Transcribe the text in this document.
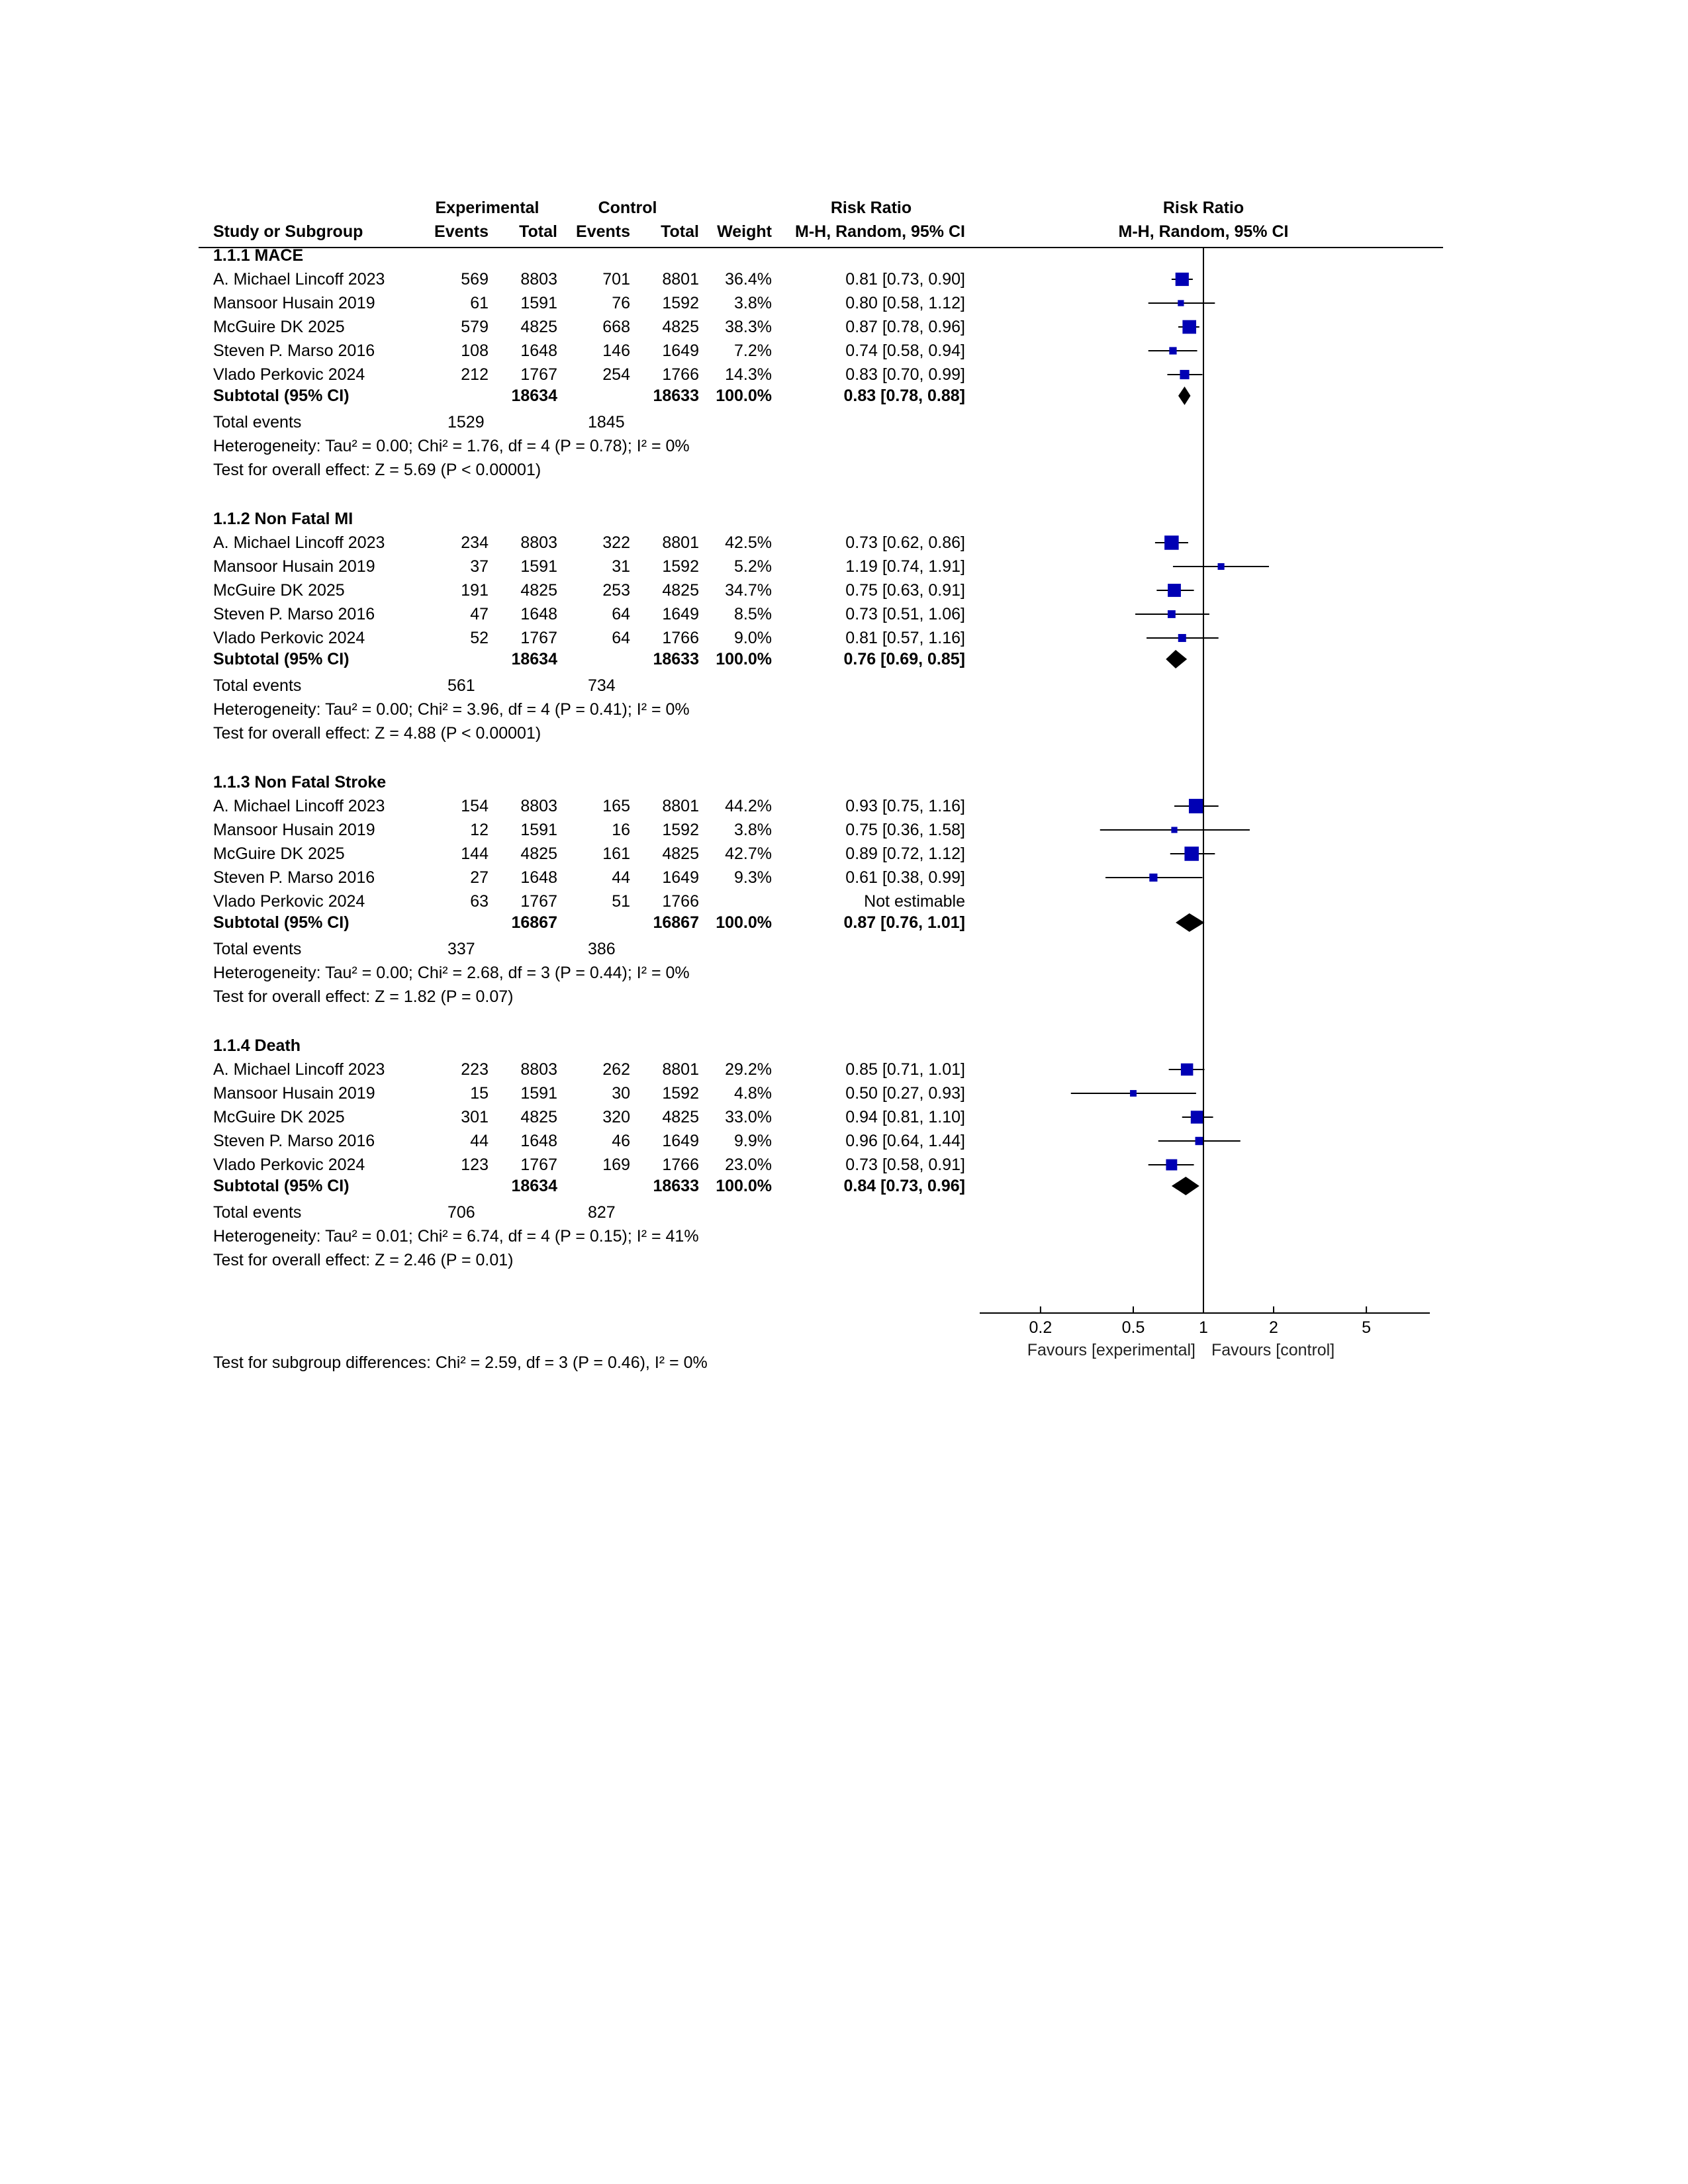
Experimental	Control	Risk Ratio	Risk Ratio
Study or Subgroup	Events Total Events Total Weight M-H, Random, 95% CI	M-H, Random, 95% CI
1.1.1 MACE
A. Michael Lincoff 2023	569 8803	701 8801 36.4%	0.81 [0.73, 0.90]
Mansoor Husain 2019	61 1591	76 1592 3.8%	0.80 [0.58, 1.12]
McGuire DK 2025	579 4825	668 4825 38.3%	0.87 [0.78, 0.96]
Steven P. Marso 2016	108 1648	146 1649 7.2%	0.74 [0.58, 0.94]
Vlado Perkovic 2024	212 1767	254 1766 14.3%	0.83 [0.70, 0.99]
Subtotal (95% CI)	18634	18633 100.0%	0.83 [0.78, 0.88]
Total events	1529	1845
Heterogeneity: Tau² = 0.00; Chi² = 1.76, df = 4 (P = 0.78); I² = 0%
Test for overall effect: Z = 5.69 (P < 0.00001)
1.1.2 Non Fatal MI
A. Michael Lincoff 2023	234 8803	322 8801 42.5%	0.73 [0.62, 0.86]
Mansoor Husain 2019	37 1591	31 1592 5.2%	1.19 [0.74, 1.91]
McGuire DK 2025	191 4825	253 4825 34.7%	0.75 [0.63, 0.91]
Steven P. Marso 2016	47 1648	64 1649 8.5%	0.73 [0.51, 1.06]
Vlado Perkovic 2024	52 1767	64 1766 9.0%	0.81 [0.57, 1.16]
Subtotal (95% CI)	18634	18633 100.0%	0.76 [0.69, 0.85]
Total events	561	734
Heterogeneity: Tau² = 0.00; Chi² = 3.96, df = 4 (P = 0.41); I² = 0%
Test for overall effect: Z = 4.88 (P < 0.00001)
1.1.3 Non Fatal Stroke
A. Michael Lincoff 2023	154 8803	165 8801 44.2%	0.93 [0.75, 1.16]
Mansoor Husain 2019	12 1591	16 1592 3.8%	0.75 [0.36, 1.58]
McGuire DK 2025	144 4825	161 4825 42.7%	0.89 [0.72, 1.12]
Steven P. Marso 2016	27 1648	44 1649 9.3%	0.61 [0.38, 0.99]
Vlado Perkovic 2024	63 1767	51 1766	Not estimable
Subtotal (95% CI)	16867	16867 100.0%	0.87 [0.76, 1.01]
Total events	337	386
Heterogeneity: Tau² = 0.00; Chi² = 2.68, df = 3 (P = 0.44); I² = 0%
Test for overall effect: Z = 1.82 (P = 0.07)
1.1.4 Death
A. Michael Lincoff 2023	223 8803	262 8801 29.2%	0.85 [0.71, 1.01]
Mansoor Husain 2019	15 1591	30 1592 4.8%	0.50 [0.27, 0.93]
McGuire DK 2025	301 4825	320 4825 33.0%	0.94 [0.81, 1.10]
Steven P. Marso 2016	44 1648	46 1649 9.9%	0.96 [0.64, 1.44]
Vlado Perkovic 2024	123 1767	169 1766 23.0%	0.73 [0.58, 0.91]
Subtotal (95% CI)	18634	18633 100.0%	0.84 [0.73, 0.96]
Total events	706	827
Heterogeneity: Tau² = 0.01; Chi² = 6.74, df = 4 (P = 0.15); I² = 41%
Test for overall effect: Z = 2.46 (P = 0.01)
0.2	0.5	1	2	5
Favours [experimental] Favours [control]
Test for subgroup differences: Chi² = 2.59, df = 3 (P = 0.46), I² = 0%
